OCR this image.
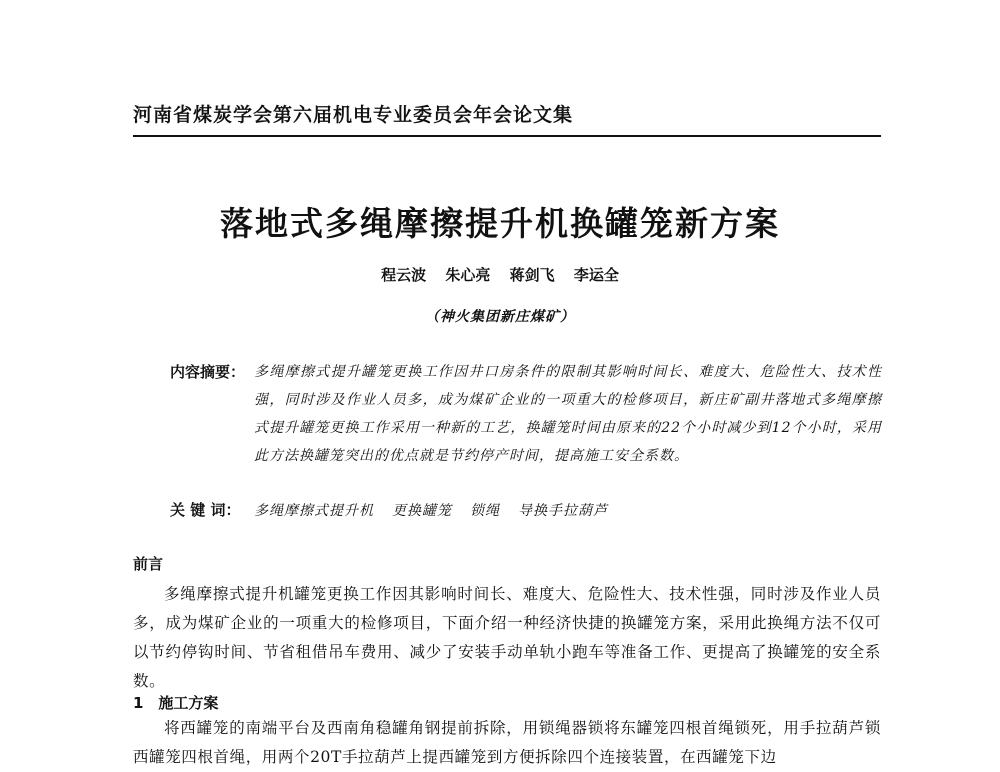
河南省煤炭学会第六届机电专业委员会年会论文集
落地式多绳摩擦提升机换罐笼新方案
程云波 朱心亮 蒋剑飞 李运全
（神火集团新庄煤矿）
内容摘要： 多绳摩擦式提升罐笼更换工作因井口房条件的限制其影响时间长、难度大、危险性大、技术性强，同时涉及作业人员多，成为煤矿企业的一项重大的检修项目，新庄矿副井落地式多绳摩擦式提升罐笼更换工作采用一种新的工艺，换罐笼时间由原来的22个小时减少到12个小时，采用此方法换罐笼突出的优点就是节约停产时间，提高施工安全系数。
关 键 词： 多绳摩擦式提升机 更换罐笼 锁绳 导换手拉葫芦
前言
多绳摩擦式提升机罐笼更换工作因其影响时间长、难度大、危险性大、技术性强，同时涉及作业人员多，成为煤矿企业的一项重大的检修项目，下面介绍一种经济快捷的换罐笼方案，采用此换绳方法不仅可以节约停钩时间、节省租借吊车费用、减少了安装手动单轨小跑车等准备工作、更提高了换罐笼的安全系数。
1　施工方案
将西罐笼的南端平台及西南角稳罐角钢提前拆除，用锁绳器锁将东罐笼四根首绳锁死，用手拉葫芦锁西罐笼四根首绳，用两个20T手拉葫芦上提西罐笼到方便拆除四个连接装置，在西罐笼下边
